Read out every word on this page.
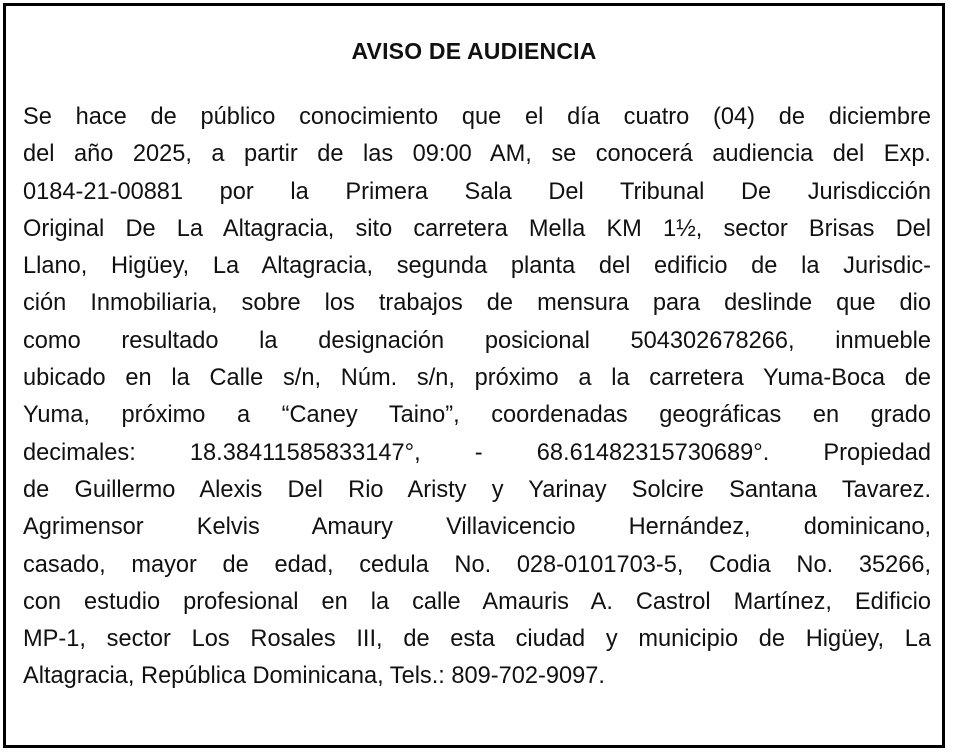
AVISO DE AUDIENCIA
Se hace de público conocimiento que el día cuatro (04) de diciembre
del año 2025, a partir de las 09:00 AM, se conocerá audiencia del Exp.
0184-21-00881 por la Primera Sala Del Tribunal De Jurisdicción
Original De La Altagracia, sito carretera Mella KM 1½, sector Brisas Del
Llano, Higüey, La Altagracia, segunda planta del edificio de la Jurisdic-
ción Inmobiliaria, sobre los trabajos de mensura para deslinde que dio
como resultado la designación posicional 504302678266, inmueble
ubicado en la Calle s/n, Núm. s/n, próximo a la carretera Yuma-Boca de
Yuma, próximo a “Caney Taino”, coordenadas geográficas en grado
decimales: 18.38411585833147°, - 68.61482315730689°. Propiedad
de Guillermo Alexis Del Rio Aristy y Yarinay Solcire Santana Tavarez.
Agrimensor Kelvis Amaury Villavicencio Hernández, dominicano,
casado, mayor de edad, cedula No. 028-0101703-5, Codia No. 35266,
con estudio profesional en la calle Amauris A. Castrol Martínez, Edificio
MP-1, sector Los Rosales III, de esta ciudad y municipio de Higüey, La
Altagracia, República Dominicana, Tels.: 809-702-9097.
